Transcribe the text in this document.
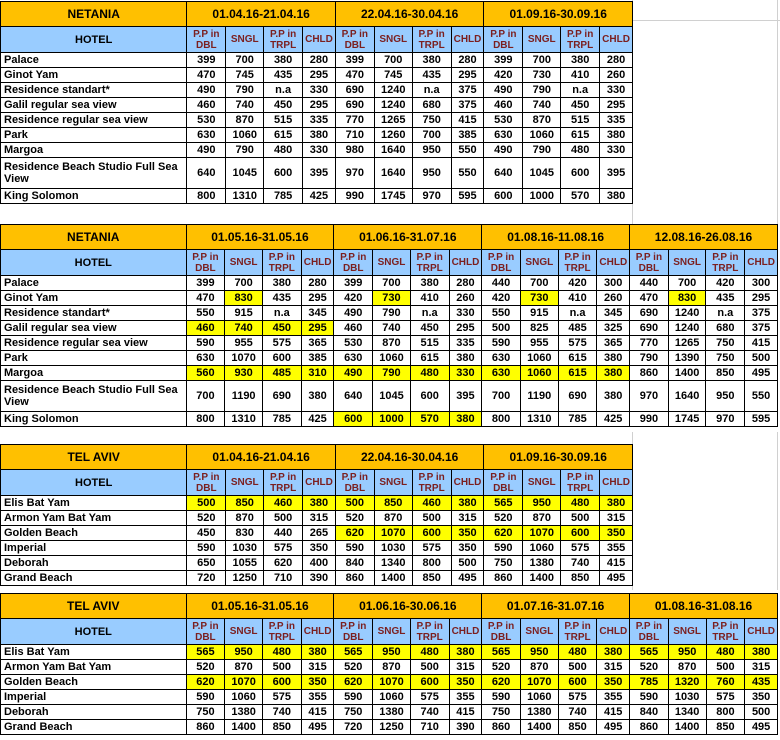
NETANIA	01.04.16-21.04.16				22.04.16-30.04.16				01.09.16-30.09.16			
HOTEL	P.P in DBL	SNGL	P.P in TRPL	CHLD	P.P in DBL	SNGL	P.P in TRPL	CHLD	P.P in DBL	SNGL	P.P in TRPL	CHLD
Palace	399	700	380	280	399	700	380	280	399	700	380	280
Ginot Yam	470	745	435	295	470	745	435	295	420	730	410	260
Residence standart*	490	790	n.a	330	690	1240	n.a	375	490	790	n.a	330
Galil regular sea view	460	740	450	295	690	1240	680	375	460	740	450	295
Residence regular sea view	530	870	515	335	770	1265	750	415	530	870	515	335
Park	630	1060	615	380	710	1260	700	385	630	1060	615	380
Margoa	490	790	480	330	980	1640	950	550	490	790	480	330
Residence Beach Studio Full Sea View	640	1045	600	395	970	1640	950	550	640	1045	600	395
King Solomon	800	1310	785	425	990	1745	970	595	600	1000	570	380
NETANIA	01.05.16-31.05.16				01.06.16-31.07.16				01.08.16-11.08.16				12.08.16-26.08.16			
HOTEL	P.P in DBL	SNGL	P.P in TRPL	CHLD	P.P in DBL	SNGL	P.P in TRPL	CHLD	P.P in DBL	SNGL	P.P in TRPL	CHLD	P.P in DBL	SNGL	P.P in TRPL	CHLD
Palace	399	700	380	280	399	700	380	280	440	700	420	300	440	700	420	300
Ginot Yam	470	830	435	295	420	730	410	260	420	730	410	260	470	830	435	295
Residence standart*	550	915	n.a	345	490	790	n.a	330	550	915	n.a	345	690	1240	n.a	375
Galil regular sea view	460	740	450	295	460	740	450	295	500	825	485	325	690	1240	680	375
Residence regular sea view	590	955	575	365	530	870	515	335	590	955	575	365	770	1265	750	415
Park	630	1070	600	385	630	1060	615	380	630	1060	615	380	790	1390	750	500
Margoa	560	930	485	310	490	790	480	330	630	1060	615	380	860	1400	850	495
Residence Beach Studio Full Sea View	700	1190	690	380	640	1045	600	395	700	1190	690	380	970	1640	950	550
King Solomon	800	1310	785	425	600	1000	570	380	800	1310	785	425	990	1745	970	595
TEL AVIV	01.04.16-21.04.16				22.04.16-30.04.16				01.09.16-30.09.16			
HOTEL	P.P in DBL	SNGL	P.P in TRPL	CHLD	P.P in DBL	SNGL	P.P in TRPL	CHLD	P.P in DBL	SNGL	P.P in TRPL	CHLD
Elis Bat Yam	500	850	460	380	500	850	460	380	565	950	480	380
Armon Yam Bat Yam	520	870	500	315	520	870	500	315	520	870	500	315
Golden Beach	450	830	440	265	620	1070	600	350	620	1070	600	350
Imperial	590	1030	575	350	590	1030	575	350	590	1060	575	355
Deborah	650	1055	620	400	840	1340	800	500	750	1380	740	415
Grand Beach	720	1250	710	390	860	1400	850	495	860	1400	850	495
TEL AVIV	01.05.16-31.05.16				01.06.16-30.06.16				01.07.16-31.07.16				01.08.16-31.08.16			
HOTEL	P.P in DBL	SNGL	P.P in TRPL	CHLD	P.P in DBL	SNGL	P.P in TRPL	CHLD	P.P in DBL	SNGL	P.P in TRPL	CHLD	P.P in DBL	SNGL	P.P in TRPL	CHLD
Elis Bat Yam	565	950	480	380	565	950	480	380	565	950	480	380	565	950	480	380
Armon Yam Bat Yam	520	870	500	315	520	870	500	315	520	870	500	315	520	870	500	315
Golden Beach	620	1070	600	350	620	1070	600	350	620	1070	600	350	785	1320	760	435
Imperial	590	1060	575	355	590	1060	575	355	590	1060	575	355	590	1030	575	350
Deborah	750	1380	740	415	750	1380	740	415	750	1380	740	415	840	1340	800	500
Grand Beach	860	1400	850	495	720	1250	710	390	860	1400	850	495	860	1400	850	495
